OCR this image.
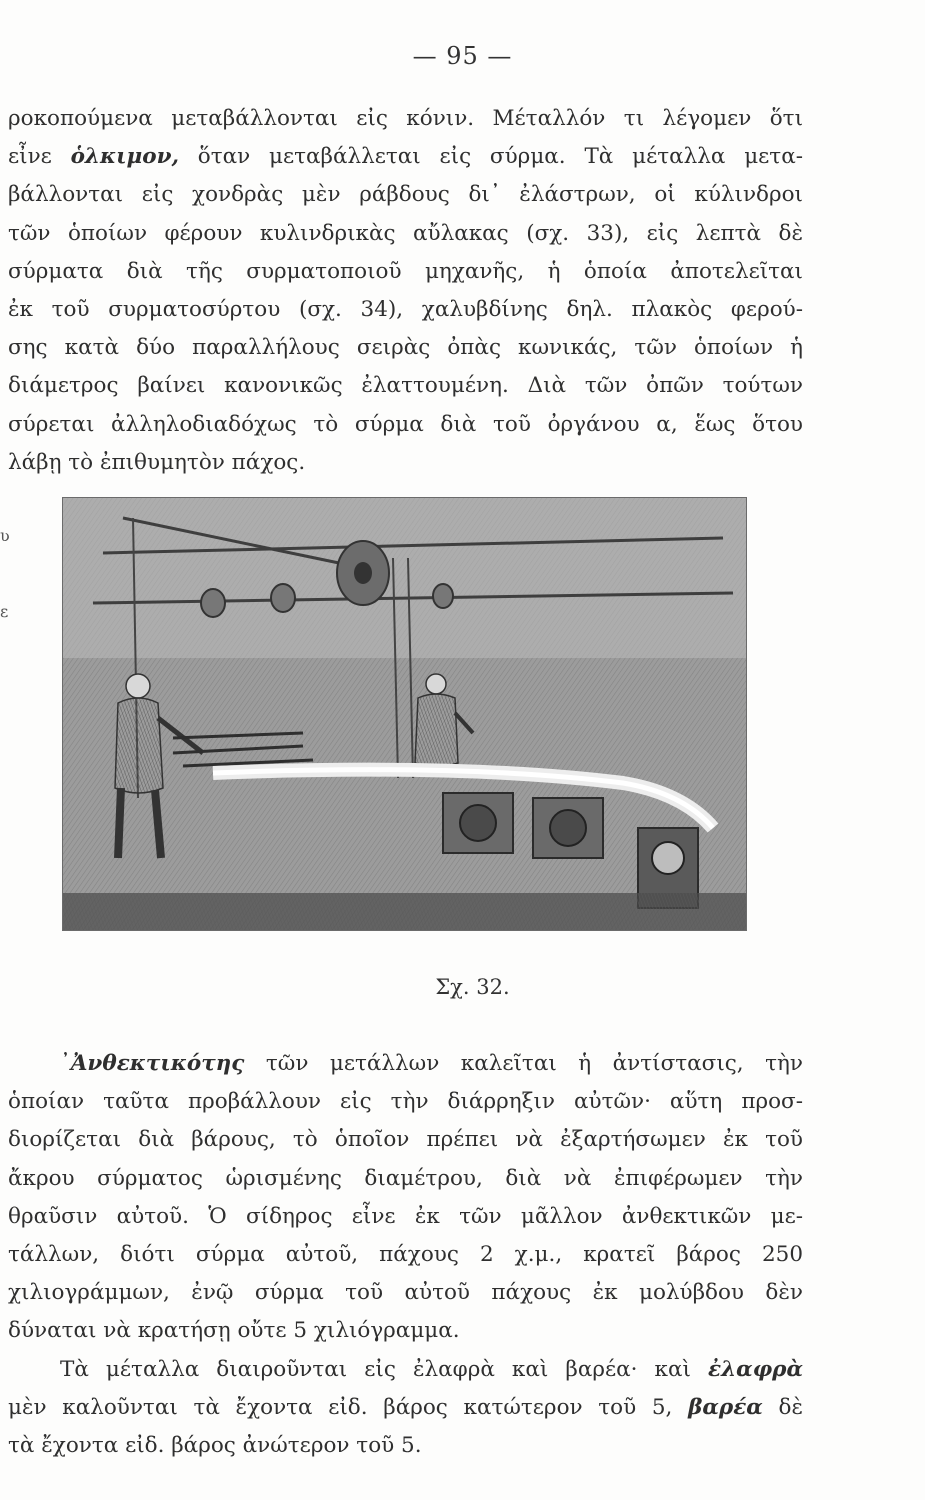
ʋ
ε
— 95 —
ροκοπούμενα μεταβάλλονται εἰς κόνιν. Μέταλλόν τι λέγομεν ὅτι
εἶνε ὁλκιμον, ὅταν μεταβάλλεται εἰς σύρμα. Τὰ μέταλλα μετα-
βάλλονται εἰς χονδρὰς μὲν ράβδους δι᾽ ἐλάστρων, οἱ κύλινδροι
τῶν ὁποίων φέρουν κυλινδρικὰς αὔλακας (σχ. 33), εἰς λεπτὰ δὲ
σύρματα διὰ τῆς συρματοποιοῦ μηχανῆς, ἡ ὁποία ἀποτελεῖται
ἐκ τοῦ συρματοσύρτου (σχ. 34), χαλυβδίνης δηλ. πλακὸς φερού-
σης κατὰ δύο παραλλήλους σειρὰς ὀπὰς κωνικάς, τῶν ὁποίων ἡ
διάμετρος βαίνει κανονικῶς ἐλαττουμένη. Διὰ τῶν ὀπῶν τούτων
σύρεται ἀλληλοδιαδόχως τὸ σύρμα διὰ τοῦ ὀργάνου α, ἕως ὅτου
λάβῃ τὸ ἐπιθυμητὸν πάχος.
Σχ. 32.
᾽Ἀνθεκτικότης τῶν μετάλλων καλεῖται ἡ ἀντίστασις, τὴν
ὁποίαν ταῦτα προβάλλουν εἰς τὴν διάρρηξιν αὐτῶν· αὕτη προσ-
διορίζεται διὰ βάρους, τὸ ὁποῖον πρέπει νὰ ἐξαρτήσωμεν ἐκ τοῦ
ἄκρου σύρματος ὡρισμένης διαμέτρου, διὰ νὰ ἐπιφέρωμεν τὴν
θραῦσιν αὐτοῦ. Ὁ σίδηρος εἶνε ἐκ τῶν μᾶλλον ἀνθεκτικῶν με-
τάλλων, διότι σύρμα αὐτοῦ, πάχους 2 χ.μ., κρατεῖ βάρος 250
χιλιογράμμων, ἐνῷ σύρμα τοῦ αὐτοῦ πάχους ἐκ μολύβδου δὲν
δύναται νὰ κρατήσῃ οὔτε 5 χιλιόγραμμα.
Τὰ μέταλλα διαιροῦνται εἰς ἐλαφρὰ καὶ βαρέα· καὶ ἐλαφρὰ
μὲν καλοῦνται τὰ ἔχοντα εἰδ. βάρος κατώτερον τοῦ 5, βαρέα δὲ
τὰ ἔχοντα εἰδ. βάρος ἀνώτερον τοῦ 5.
